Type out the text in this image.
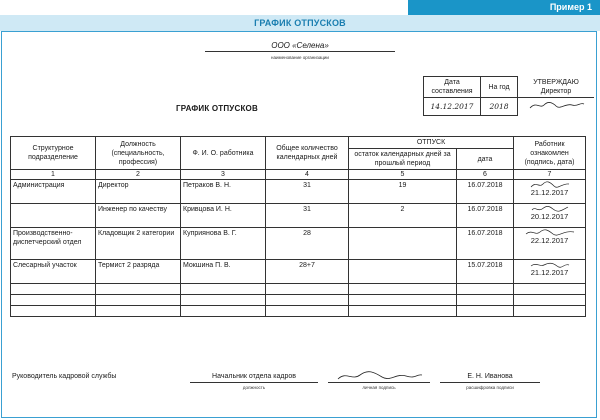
Пример 1
ГРАФИК ОТПУСКОВ
ООО «Селена»
наименование организации
Дата составления	На год	УТВЕРЖДАЮ
Директор
14.12.2017	2018	
ГРАФИК ОТПУСКОВ
Структурное подразделение	Должность (специальность, профессия)	Ф. И. О. работника	Общее количество календарных дней	ОТПУСК		Работник ознакомлен (подпись, дата)
				остаток календарных дней за прошлый период	дата	
1	2	3	4	5	6	7
Администрация	Директор	Петраков В. Н.	31	19	16.07.2018	21.12.2017

	Инженер по качеству	Кривцова И. Н.	31	2	16.07.2018	20.12.2017

Производственно-диспетчерский отдел	Кладовщик 2 категории	Куприянова В. Г.	28		16.07.2018	22.12.2017

Слесарный участок	Термист 2 разряда	Мокшина П. В.	28+7		15.07.2018	21.12.2017

Руководитель кадровой службы	Начальник отдела кадров
должность	личная подпись
Е. Н. Иванова
расшифровка подписи
